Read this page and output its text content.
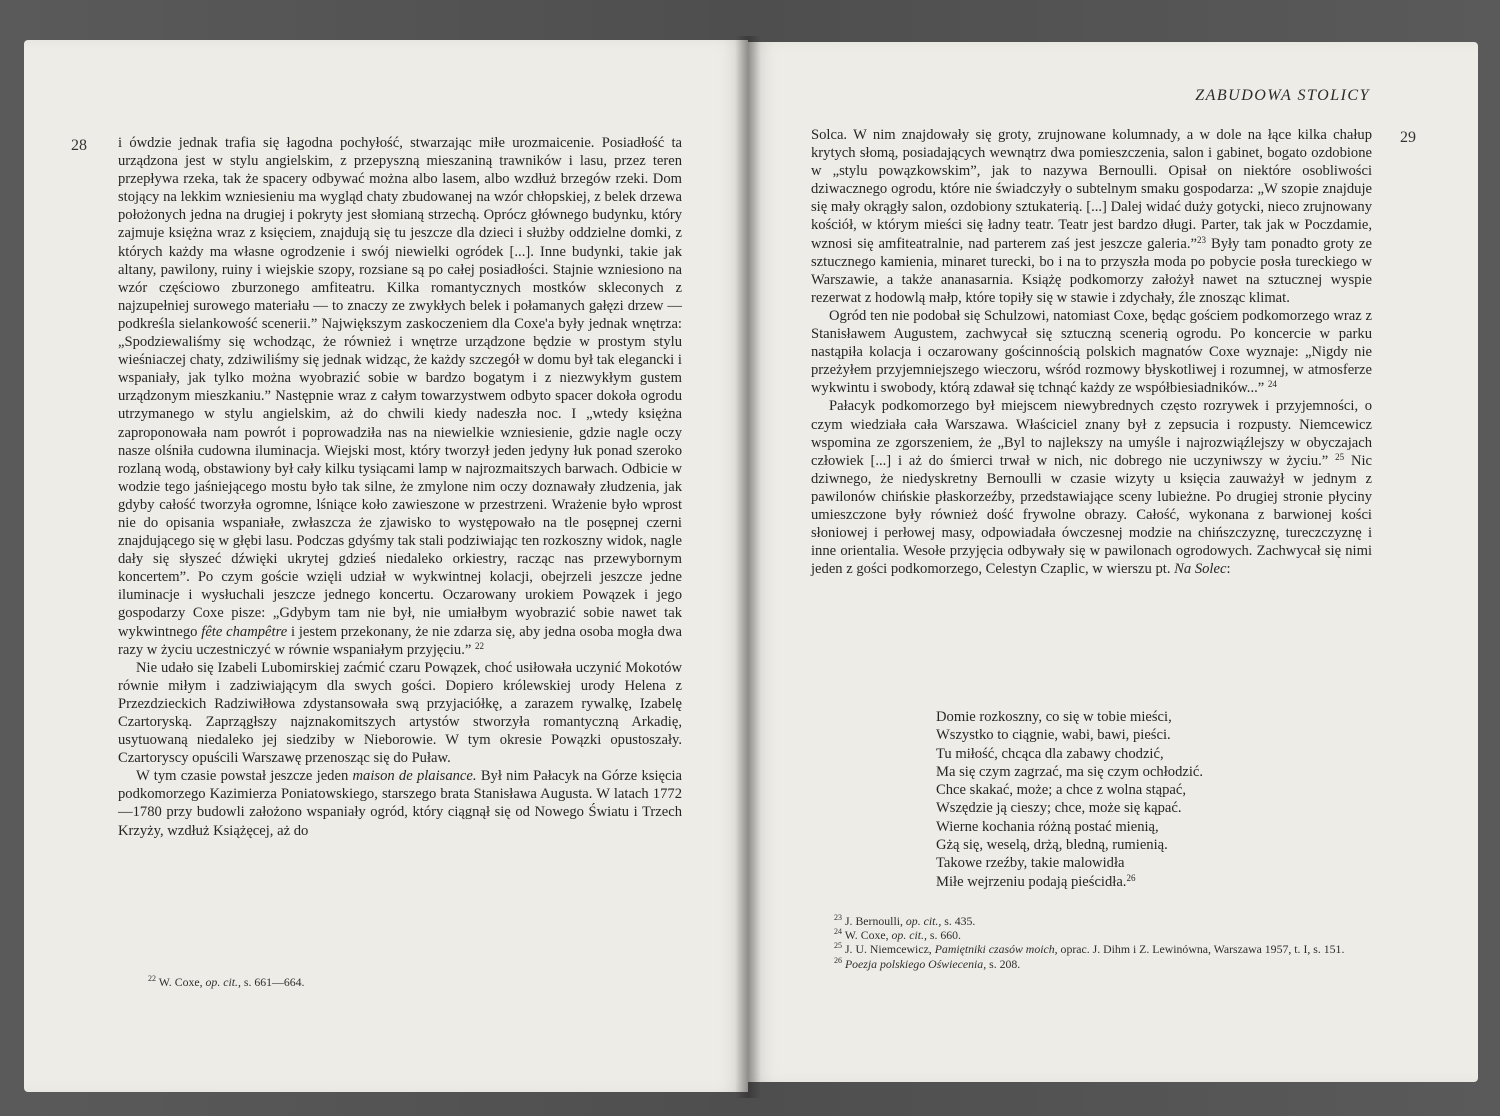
28 i ówdzie jednak trafia się łagodna pochyłość, stwarzając miłe urozmaicenie. Posiadłość ta urządzona jest w stylu angielskim, z przepyszną mieszaniną trawników i lasu, przez teren przepływa rzeka, tak że spacery odbywać można albo lasem, albo wzdłuż brzegów rzeki. Dom stojący na lekkim wzniesieniu ma wygląd chaty zbudowanej na wzór chłopskiej, z belek drzewa położonych jedna na drugiej i pokryty jest słomianą strzechą. Oprócz głównego budynku, który zajmuje księżna wraz z księciem, znajdują się tu jeszcze dla dzieci i służby oddzielne domki, z których każdy ma własne ogrodzenie i swój niewielki ogródek [...]. Inne budynki, takie jak altany, pawilony, ruiny i wiejskie szopy, rozsiane są po całej posiadłości. Stajnie wzniesiono na wzór częściowo zburzonego amfiteatru. Kilka romantycznych mostków skleconych z najzupełniej surowego materiału — to znaczy ze zwykłych belek i połamanych gałęzi drzew — podkreśla sielankowość scenerii.” Największym zaskoczeniem dla Coxe'a były jednak wnętrza: „Spodziewaliśmy się wchodząc, że również i wnętrze urządzone będzie w prostym stylu wieśniaczej chaty, zdziwiliśmy się jednak widząc, że każdy szczegół w domu był tak elegancki i wspaniały, jak tylko można wyobrazić sobie w bardzo bogatym i z niezwykłym gustem urządzonym mieszkaniu.” Następnie wraz z całym towarzystwem odbyto spacer dokoła ogrodu utrzymanego w stylu angielskim, aż do chwili kiedy nadeszła noc. I „wtedy księżna zaproponowała nam powrót i poprowadziła nas na niewielkie wzniesienie, gdzie nagle oczy nasze olśniła cudowna iluminacja. Wiejski most, który tworzył jeden jedyny łuk ponad szeroko rozlaną wodą, obstawiony był cały kilku tysiącami lamp w najrozmaitszych barwach. Odbicie w wodzie tego jaśniejącego mostu było tak silne, że zmylone nim oczy doznawały złudzenia, jak gdyby całość tworzyła ogromne, lśniące koło zawieszone w przestrzeni. Wrażenie było wprost nie do opisania wspaniałe, zwłaszcza że zjawisko to występowało na tle posępnej czerni znajdującego się w głębi lasu. Podczas gdyśmy tak stali podziwiając ten rozkoszny widok, nagle dały się słyszeć dźwięki ukrytej gdzieś niedaleko orkiestry, racząc nas przewybornym koncertem”. Po czym goście wzięli udział w wykwintnej kolacji, obejrzeli jeszcze jedne iluminacje i wysłuchali jeszcze jednego koncertu. Oczarowany urokiem Powązek i jego gospodarzy Coxe pisze: „Gdybym tam nie był, nie umiałbym wyobrazić sobie nawet tak wykwintnego fête champêtre i jestem przekonany, że nie zdarza się, aby jedna osoba mogła dwa razy w życiu uczestniczyć w równie wspaniałym przyjęciu.” $^{22}$

Nie udało się Izabeli Lubomirskiej zaćmić czaru Powązek, choć usiłowała uczynić Mokotów równie miłym i zadziwiającym dla swych gości. Dopiero królewskiej urody Helena z Przezdzieckich Radziwiłłowa zdystansowała swą przyjaciółkę, a zarazem rywalkę, Izabelę Czartoryską. Zaprzągłszy najznakomitszych artystów stworzyła romantyczną Arkadię, usytuowaną niedaleko jej siedziby w Nieborowie. W tym okresie Powązki opustoszały. Czartoryscy opuścili Warszawę przenosząc się do Puław.

W tym czasie powstał jeszcze jeden maison de plaisance. Był nim Pałacyk na Górze księcia podkomorzego Kazimierza Poniatowskiego, starszego brata Stanisława Augusta. W latach 1772—1780 przy budowli założono wspaniały ogród, który ciągnął się od Nowego Światu i Trzech Krzyży, wzdłuż Książęcej, aż do

$^{22}$ W. Coxe, op. cit., s. 661—664.
ZABUDOWA STOLICY
29

Solca. W nim znajdowały się groty, zrujnowane kolumnady, a w dole na łące kilka chałup krytych słomą, posiadających wewnątrz dwa pomieszczenia, salon i gabinet, bogato ozdobione w „stylu powązkowskim”, jak to nazywa Bernoulli. Opisał on niektóre osobliwości dziwacznego ogrodu, które nie świadczyły o subtelnym smaku gospodarza: „W szopie znajduje się mały okrągły salon, ozdobiony sztukaterią. [...] Dalej widać duży gotycki, nieco zrujnowany kościół, w którym mieści się ładny teatr. Teatr jest bardzo długi. Parter, tak jak w Poczdamie, wznosi się amfiteatralnie, nad parterem zaś jest jeszcze galeria.”$^{23}$ Były tam ponadto groty ze sztucznego kamienia, minaret turecki, bo i na to przyszła moda po pobycie posła tureckiego w Warszawie, a także ananasarnia. Książę podkomorzy założył nawet na sztucznej wyspie rezerwat z hodowlą małp, które topiły się w stawie i zdychały, źle znosząc klimat.

Ogród ten nie podobał się Schulzowi, natomiast Coxe, będąc gościem podkomorzego wraz z Stanisławem Augustem, zachwycał się sztuczną scenerią ogrodu. Po koncercie w parku nastąpiła kolacja i oczarowany gościnnością polskich magnatów Coxe wyznaje: „Nigdy nie przeżyłem przyjemniejszego wieczoru, wśród rozmowy błyskotliwej i rozumnej, w atmosferze wykwintu i swobody, którą zdawał się tchnąć każdy ze współbiesiadników...” $^{24}$

Pałacyk podkomorzego był miejscem niewybrednych często rozrywek i przyjemności, o czym wiedziała cała Warszawa. Właściciel znany był z zepsucia i rozpusty. Niemcewicz wspomina ze zgorszeniem, że „Byl to najlekszy na umyśle i najrozwiąźlejszy w obyczajach człowiek [...] i aż do śmierci trwał w nich, nic dobrego nie uczyniwszy w życiu.” $^{25}$ Nic dziwnego, że niedyskretny Bernoulli w czasie wizyty u księcia zauważył w jednym z pawilonów chińskie płaskorzeźby, przedstawiające sceny lubieżne. Po drugiej stronie płyciny umieszczone były również dość frywolne obrazy. Całość, wykonana z barwionej kości słoniowej i perłowej masy, odpowiadała ówczesnej modzie na chińszczyznę, tureczczyznę i inne orientalia. Wesołe przyjęcia odbywały się w pawilonach ogrodowych. Zachwycał się nimi jeden z gości podkomorzego, Celestyn Czaplic, w wierszu pt. Na Solec:

Domie rozkoszny, co się w tobie mieści,
Wszystko to ciągnie, wabi, bawi, pieści.
Tu miłość, chcąca dla zabawy chodzić,
Ma się czym zagrzać, ma się czym ochłodzić.
Chce skakać, może; a chce z wolna stąpać,
Wszędzie ją cieszy; chce, może się kąpać.
Wierne kochania różną postać mienią,
Gżą się, weselą, drżą, bledną, rumienią.
Takowe rzeźby, takie malowidła
Miłe wejrzeniu podają pieścidła.$^{26}$
$^{23}$ J. Bernoulli, op. cit., s. 435.
$^{24}$ W. Coxe, op. cit., s. 660.
$^{25}$ J. U. Niemcewicz, Pamiętniki czasów moich, oprac. J. Dihm i Z. Lewinówna, Warszawa 1957, t. I, s. 151.
$^{26}$ Poezja polskiego Oświecenia, s. 208.
